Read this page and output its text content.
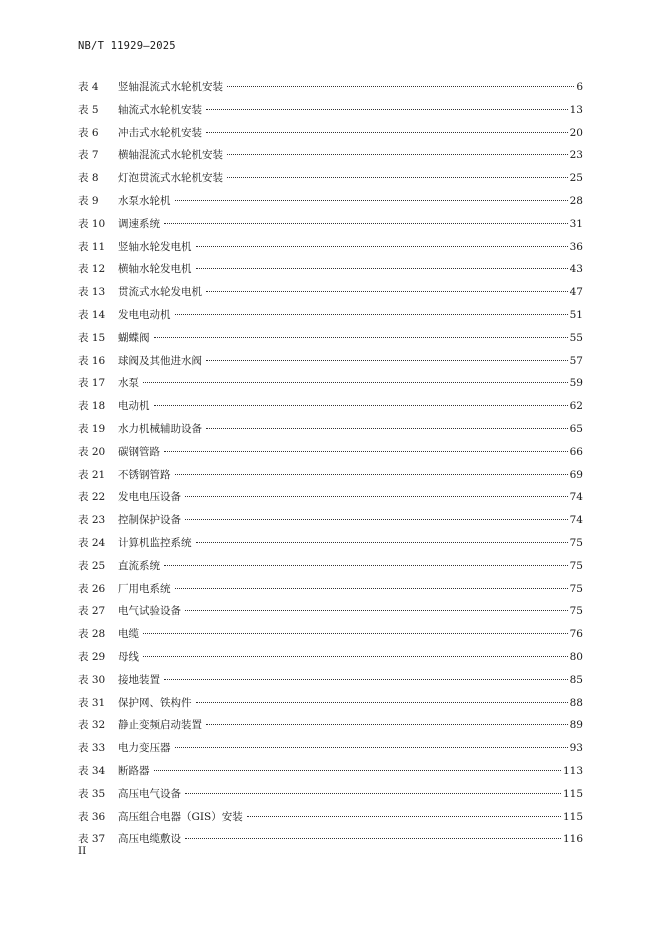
NB/T 11929—2025
表 4	竖轴混流式水轮机安装	6
表 5	轴流式水轮机安装	13
表 6	冲击式水轮机安装	20
表 7	横轴混流式水轮机安装	23
表 8	灯泡贯流式水轮机安装	25
表 9	水泵水轮机	28
表 10	调速系统	31
表 11	竖轴水轮发电机	36
表 12	横轴水轮发电机	43
表 13	贯流式水轮发电机	47
表 14	发电电动机	51
表 15	蝴蝶阀	55
表 16	球阀及其他进水阀	57
表 17	水泵	59
表 18	电动机	62
表 19	水力机械辅助设备	65
表 20	碳钢管路	66
表 21	不锈钢管路	69
表 22	发电电压设备	74
表 23	控制保护设备	74
表 24	计算机监控系统	75
表 25	直流系统	75
表 26	厂用电系统	75
表 27	电气试验设备	75
表 28	电缆	76
表 29	母线	80
表 30	接地装置	85
表 31	保护网、铁构件	88
表 32	静止变频启动装置	89
表 33	电力变压器	93
表 34	断路器	113
表 35	高压电气设备	115
表 36	高压组合电器（GIS）安装	115
表 37	高压电缆敷设	116
II
